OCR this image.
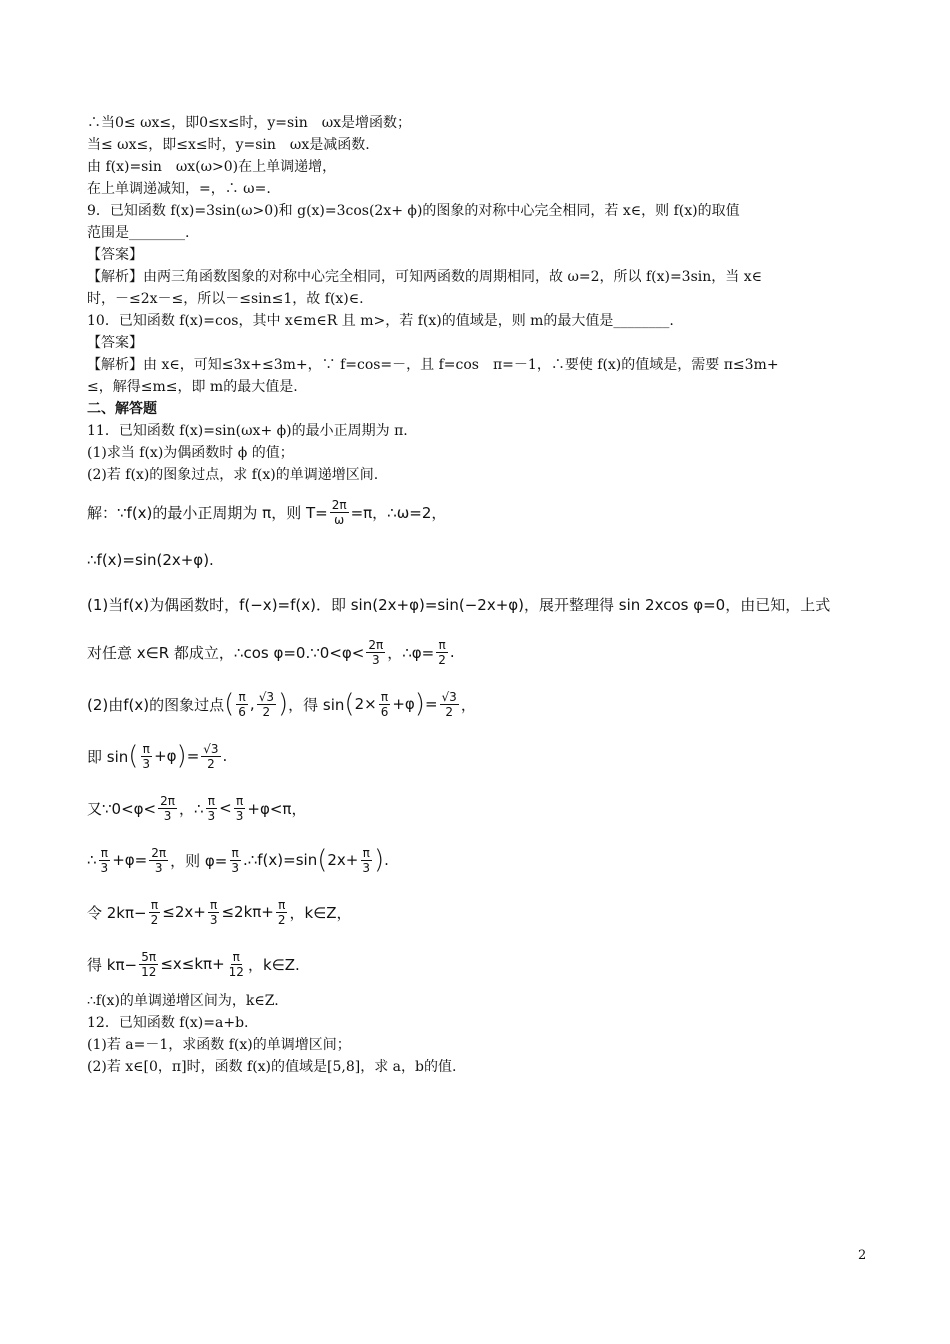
∴当0≤ ωx≤，即0≤x≤时，y=sin　ωx是增函数；
当≤ ωx≤，即≤x≤时，y=sin　ωx是减函数.
由 f(x)=sin　ωx(ω>0)在上单调递增，
在上单调递减知，=，∴ ω=.
9．已知函数 f(x)=3sin(ω>0)和 g(x)=3cos(2x+ ϕ)的图象的对称中心完全相同，若 x∈，则 f(x)的取值
范围是________.
【答案】
【解析】由两三角函数图象的对称中心完全相同，可知两函数的周期相同，故 ω=2，所以 f(x)=3sin，当 x∈
时，－≤2x－≤，所以－≤sin≤1，故 f(x)∈.
10．已知函数 f(x)=cos，其中 x∈m∈R 且 m>，若 f(x)的值域是，则 m的最大值是________.
【答案】
【解析】由 x∈，可知≤3x+≤3m+，∵ f=cos=－，且 f=cos　π=－1，∴要使 f(x)的值域是，需要 π≤3m+
≤，解得≤m≤，即 m的最大值是.
二、解答题
11．已知函数 f(x)=sin(ωx+ ϕ)的最小正周期为 π.
(1)求当 f(x)为偶函数时 ϕ 的值；
(2)若 f(x)的图象过点，求 f(x)的单调递增区间.
解：∵f(x)的最小正周期为 π，则 $T= \frac{2\pi}{\omega} =\pi$，∴ω=2，
∴f(x)=sin(2x+φ).
(1)当f(x)为偶函数时，f(−x)=f(x)．即 sin(2x+φ)=sin(−2x+φ)，展开整理得 sin 2xcos φ=0，由已知，上式
对任意 x∈R 都成立，∴cos φ=0.∵0<φ< $\frac{2\pi}{3}$ ，∴φ= $\frac{\pi}{2}$ .
(2)由f(x)的图象过点 ( $\frac{\pi}{6}$ , $\frac{√3}{2}$ ) ，得 sin ( $2\times \frac{\pi}{6} +\varphi$ ) = $\frac{√3}{2}$ ，
即 sin ( $\frac{\pi}{3} +\varphi$ ) = $\frac{√3}{2}$ .
又∵0<φ< $\frac{2\pi}{3}$ ，∴ $\frac{\pi}{3} < \frac{\pi}{3} +\varphi<\pi$，
∴ $\frac{\pi}{3} +\varphi= \frac{2\pi}{3}$ ，则 $\varphi= \frac{\pi}{3}$ .∴f(x)=sin ( $2x+ \frac{\pi}{3}$ ) .
令 $2k\pi- \frac{\pi}{2} \le 2x+ \frac{\pi}{3} \le 2k\pi+ \frac{\pi}{2}$ ，k∈Z，
得 $k\pi- \frac{5\pi}{12} \le x\le k\pi+ \frac{\pi}{12}$ ，k∈Z.
∴f(x)的单调递增区间为，k∈Z.
12．已知函数 f(x)=a+b.
(1)若 a=－1，求函数 f(x)的单调增区间；
(2)若 x∈[0，π]时，函数 f(x)的值域是[5,8]，求 a，b的值.
2
